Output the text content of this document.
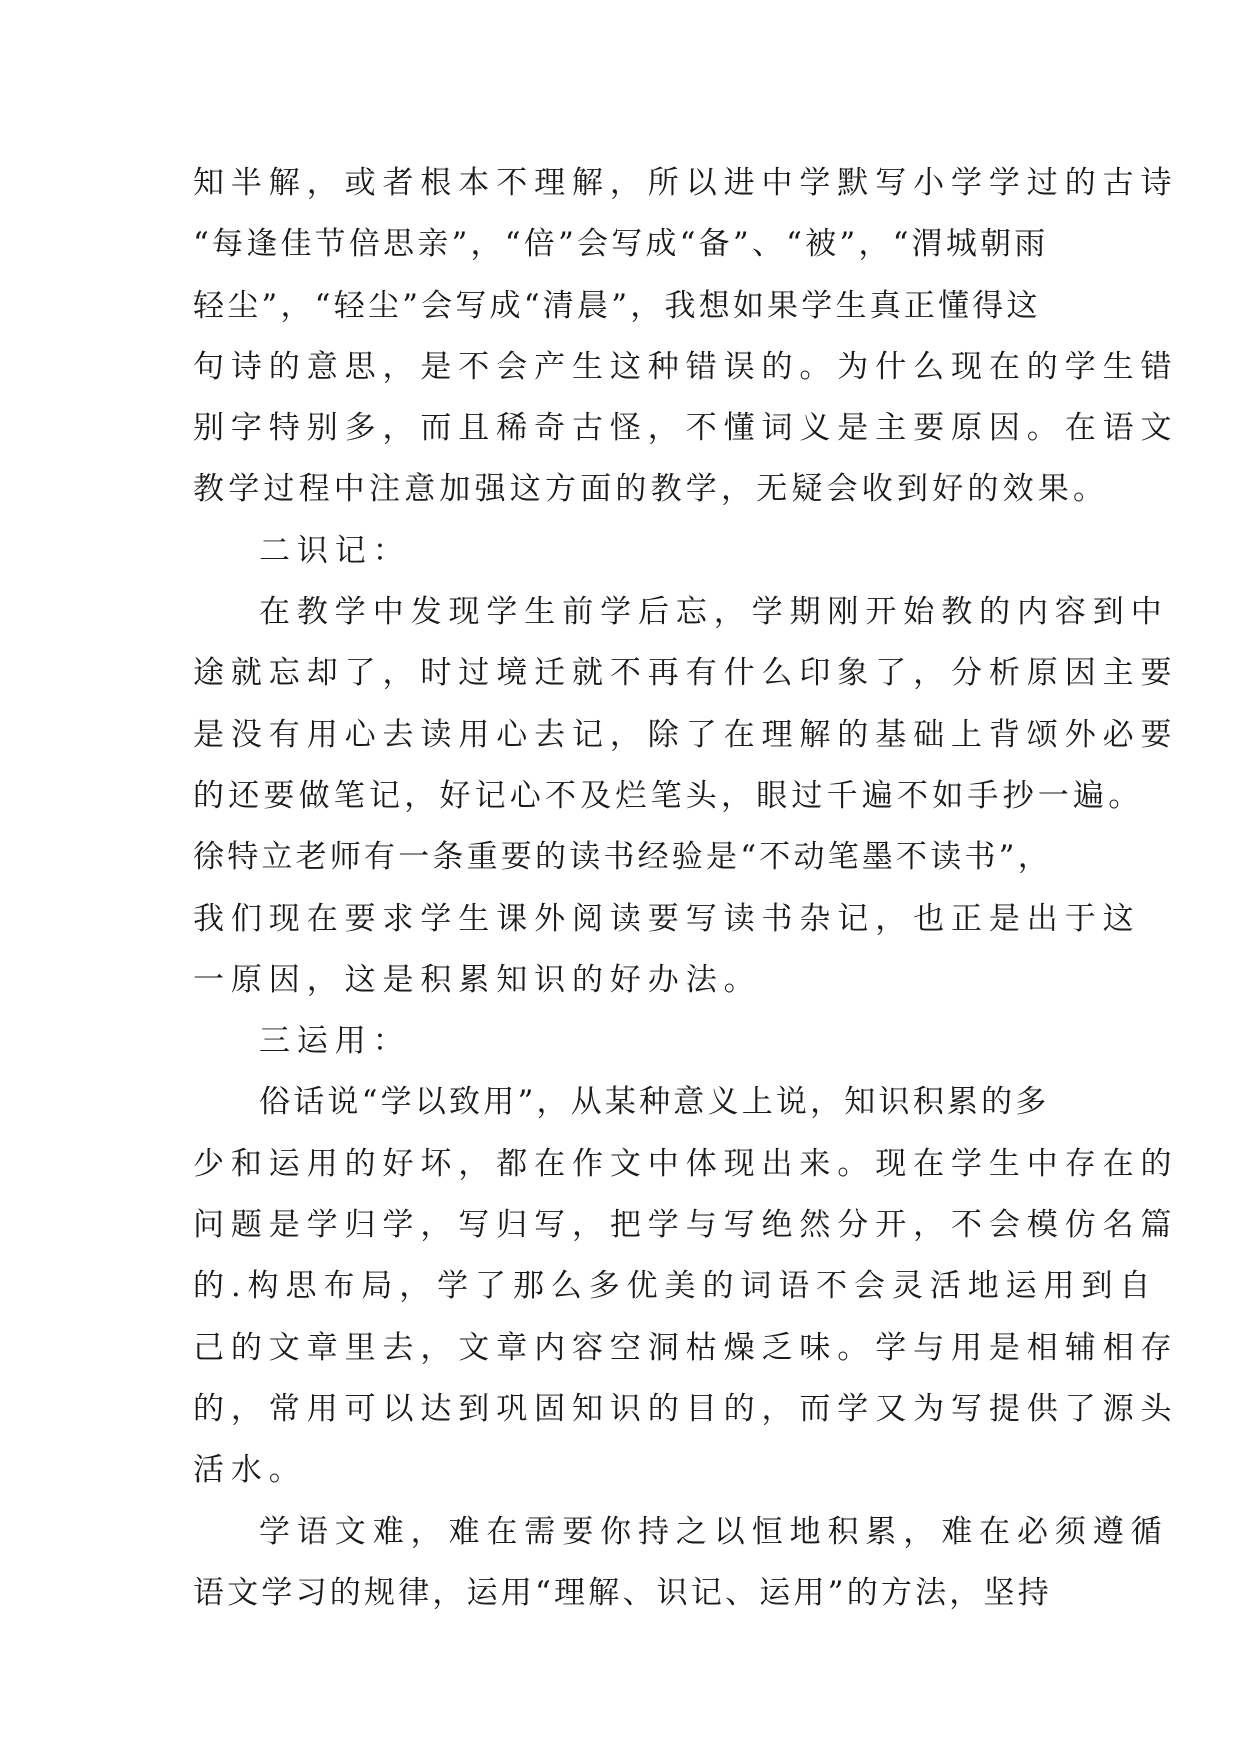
知半解，或者根本不理解，所以进中学默写小学学过的古诗
“每逢佳节倍思亲”，“倍”会写成“备”、“被”，“渭城朝雨
轻尘”，“轻尘”会写成“清晨”，我想如果学生真正懂得这
句诗的意思，是不会产生这种错误的。为什么现在的学生错
别字特别多，而且稀奇古怪，不懂词义是主要原因。在语文
教学过程中注意加强这方面的教学，无疑会收到好的效果。
二识记：
在教学中发现学生前学后忘，学期刚开始教的内容到中
途就忘却了，时过境迁就不再有什么印象了，分析原因主要
是没有用心去读用心去记，除了在理解的基础上背颂外必要
的还要做笔记，好记心不及烂笔头，眼过千遍不如手抄一遍。
徐特立老师有一条重要的读书经验是“不动笔墨不读书”，
我们现在要求学生课外阅读要写读书杂记，也正是出于这
一原因，这是积累知识的好办法。
三运用：
俗话说“学以致用”，从某种意义上说，知识积累的多
少和运用的好坏，都在作文中体现出来。现在学生中存在的
问题是学归学，写归写，把学与写绝然分开，不会模仿名篇
的.构思布局，学了那么多优美的词语不会灵活地运用到自
己的文章里去，文章内容空洞枯燥乏味。学与用是相辅相存
的，常用可以达到巩固知识的目的，而学又为写提供了源头
活水。
学语文难，难在需要你持之以恒地积累，难在必须遵循
语文学习的规律，运用“理解、识记、运用”的方法，坚持
